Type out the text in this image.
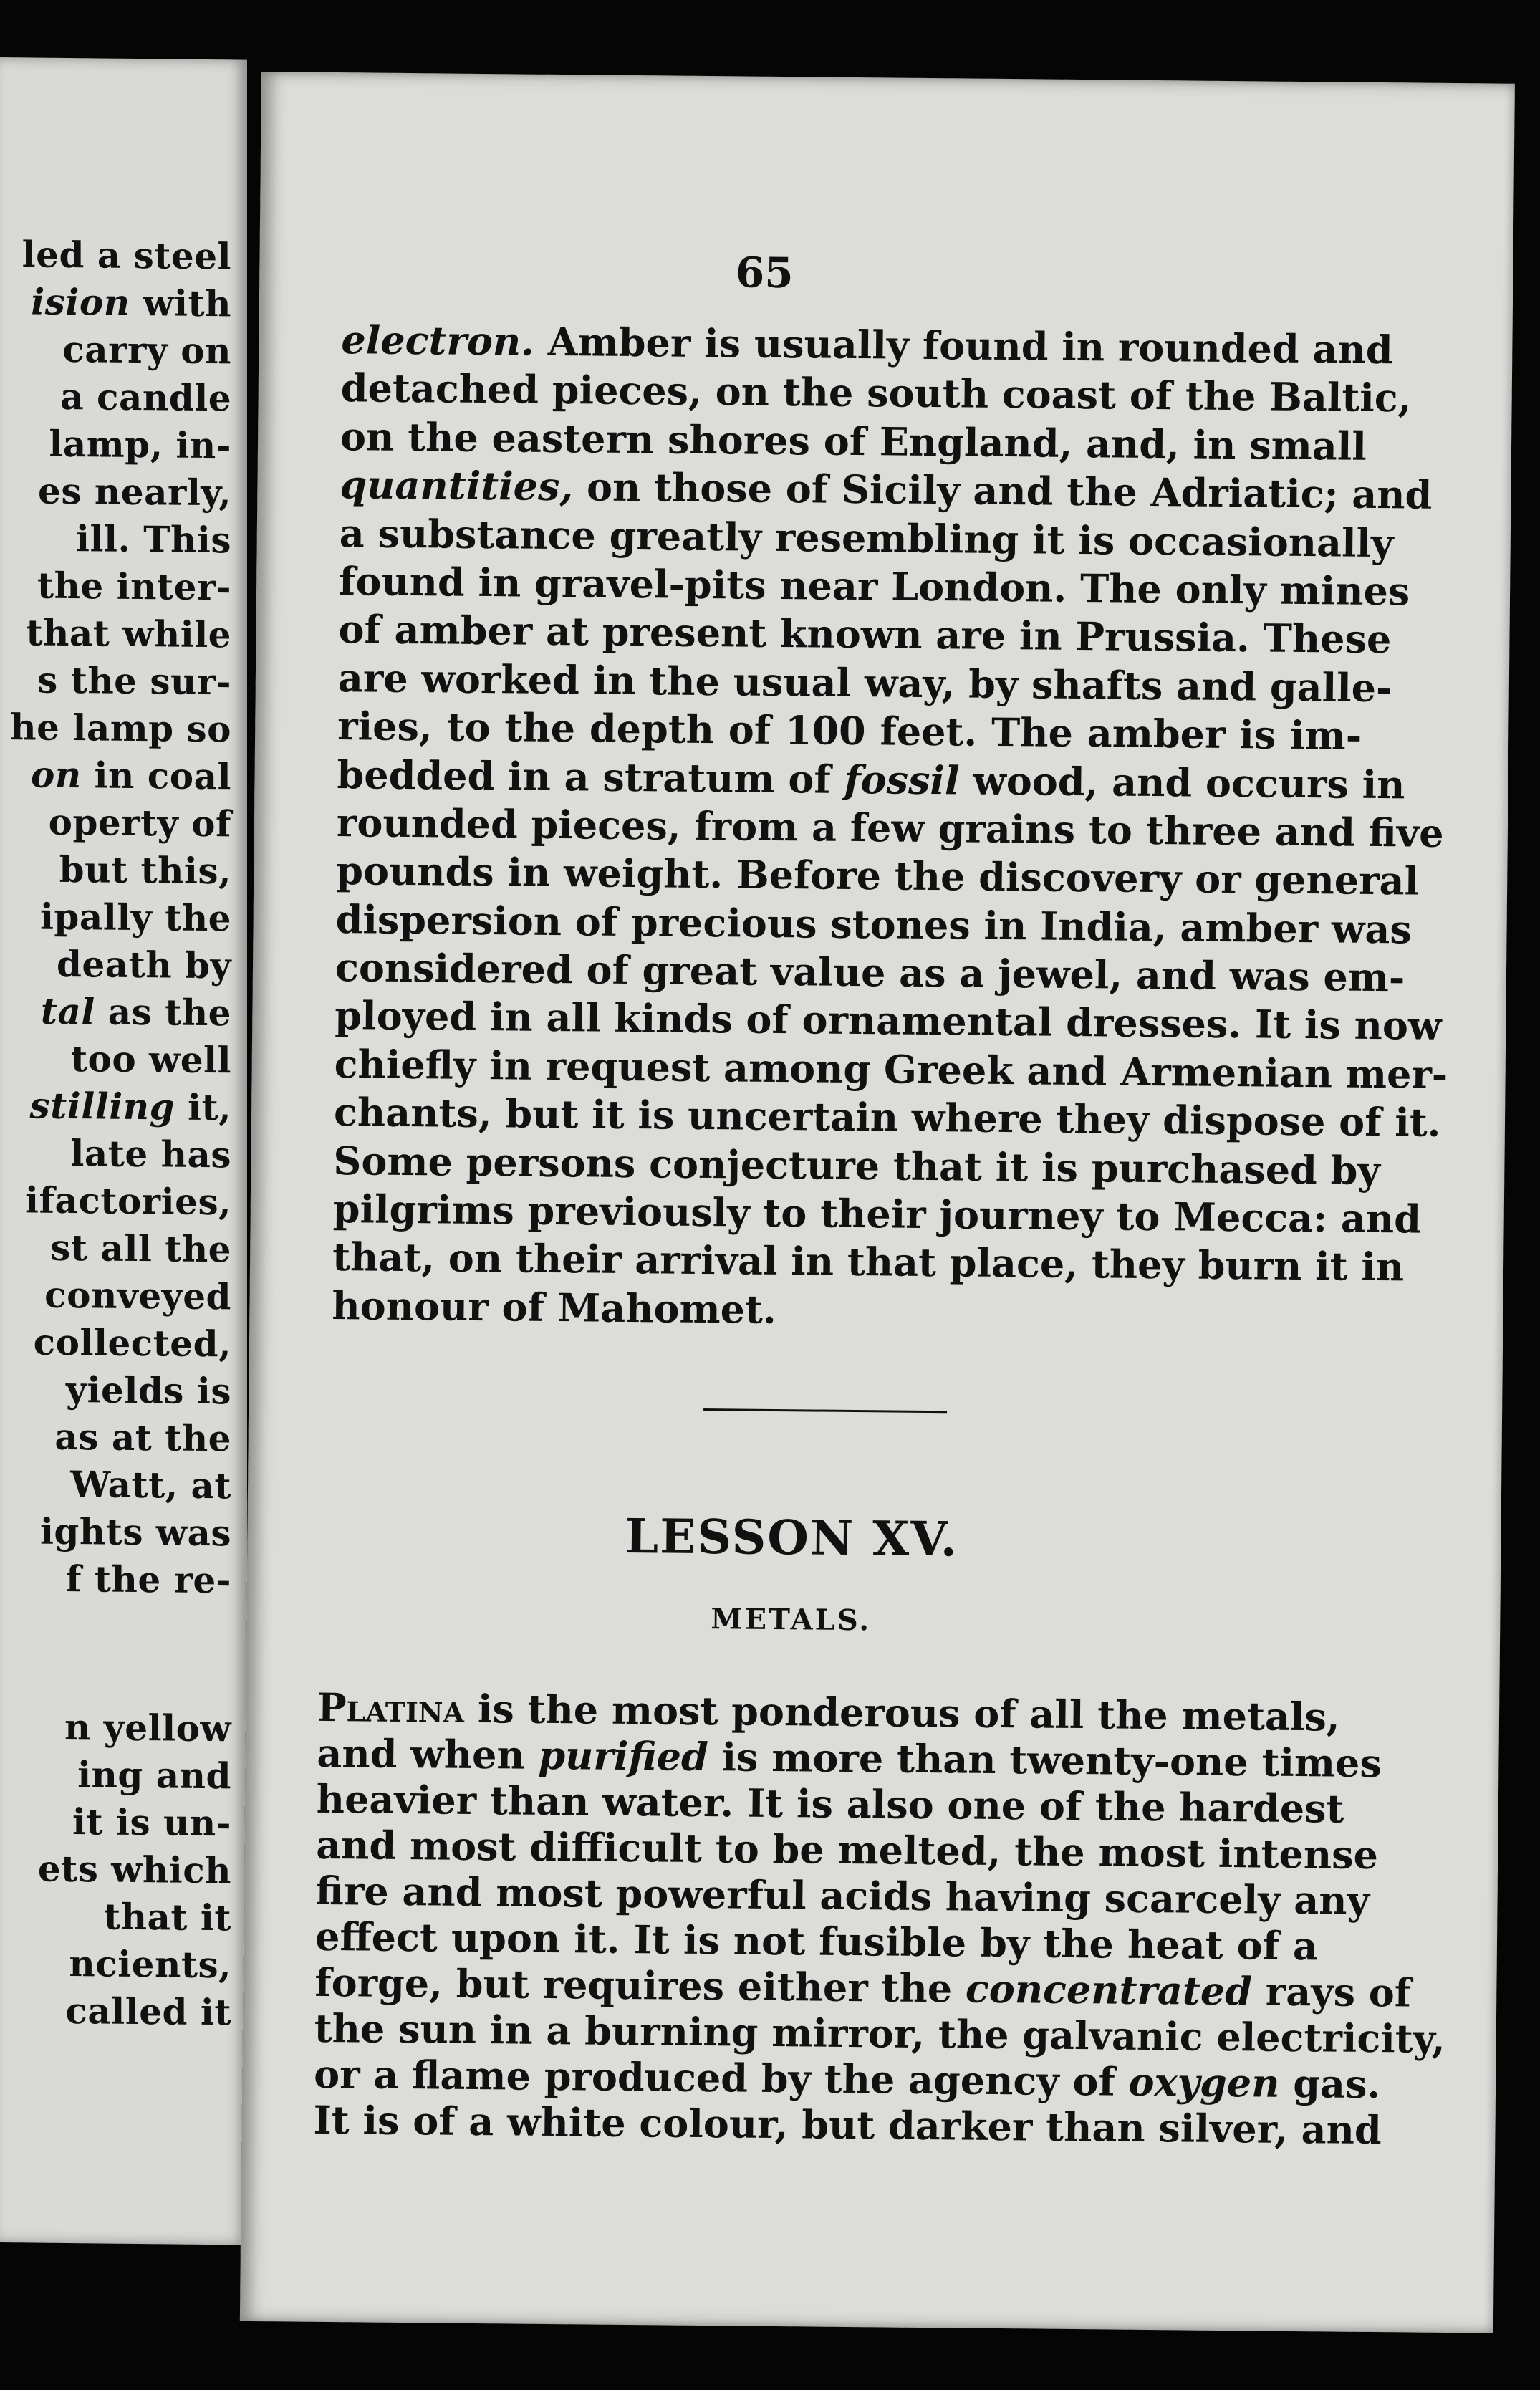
led a steel
ision with
carry on
a candle
lamp, in-
es nearly,
ill. This
the inter-
that while
s the sur-
he lamp so
on in coal
operty of
but this,
ipally the
death by
tal as the
too well
stilling it,
late has
ifactories,
st all the
conveyed
collected,
yields is
as at the
Watt, at
ights was
f the re-
n yellow
ing and
it is un-
ets which
that it
ncients,
called it
65
electron. Amber is usually found in rounded and
detached pieces, on the south coast of the Baltic,
on the eastern shores of England, and, in small
quantities, on those of Sicily and the Adriatic; and
a substance greatly resembling it is occasionally
found in gravel-pits near London. The only mines
of amber at present known are in Prussia. These
are worked in the usual way, by shafts and galle-
ries, to the depth of 100 feet. The amber is im-
bedded in a stratum of fossil wood, and occurs in
rounded pieces, from a few grains to three and five
pounds in weight. Before the discovery or general
dispersion of precious stones in India, amber was
considered of great value as a jewel, and was em-
ployed in all kinds of ornamental dresses. It is now
chiefly in request among Greek and Armenian mer-
chants, but it is uncertain where they dispose of it.
Some persons conjecture that it is purchased by
pilgrims previously to their journey to Mecca: and
that, on their arrival in that place, they burn it in
honour of Mahomet.
LESSON XV.
METALS.
Platina is the most ponderous of all the metals,
and when purified is more than twenty-one times
heavier than water. It is also one of the hardest
and most difficult to be melted, the most intense
fire and most powerful acids having scarcely any
effect upon it. It is not fusible by the heat of a
forge, but requires either the concentrated rays of
the sun in a burning mirror, the galvanic electricity,
or a flame produced by the agency of oxygen gas.
It is of a white colour, but darker than silver, and
